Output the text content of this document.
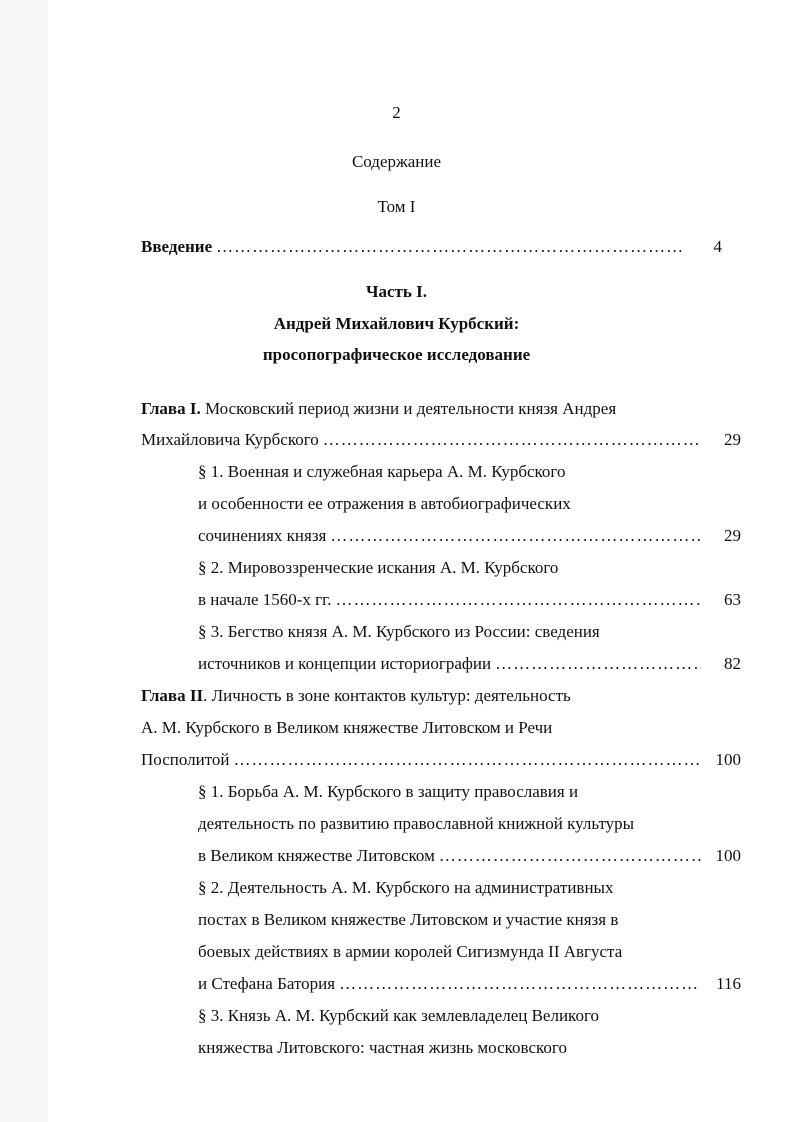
2
Содержание
Том I
Введение …………………………………………………………………………………………………………………………………………	4
Часть I.
Андрей Михайлович Курбский:
просопографическое исследование
Глава I. Московский период жизни и деятельности князя Андрея
Михайловича Курбского …………………………………………………………………………………………………………………………………………	29
§ 1. Военная и служебная карьера А. М. Курбского
и особенности ее отражения в автобиографических
сочинениях князя …………………………………………………………………………………………………………………………………………	29
§ 2. Мировоззренческие искания А. М. Курбского
в начале 1560-х гг. …………………………………………………………………………………………………………………………………………	63
§ 3. Бегство князя А. М. Курбского из России: сведения
источников и концепции историографии …………………………………………………………………………………………………………………………………………	82
Глава II. Личность в зоне контактов культур: деятельность
А. М. Курбского в Великом княжестве Литовском и Речи
Посполитой …………………………………………………………………………………………………………………………………………	100
§ 1. Борьба А. М. Курбского в защиту православия и
деятельность по развитию православной книжной культуры
в Великом княжестве Литовском …………………………………………………………………………………………………………………………………………	100
§ 2. Деятельность А. М. Курбского на административных
постах в Великом княжестве Литовском и участие князя в
боевых действиях в армии королей Сигизмунда II Августа
и Стефана Батория …………………………………………………………………………………………………………………………………………	116
§ 3. Князь А. М. Курбский как землевладелец Великого
княжества Литовского: частная жизнь московского
